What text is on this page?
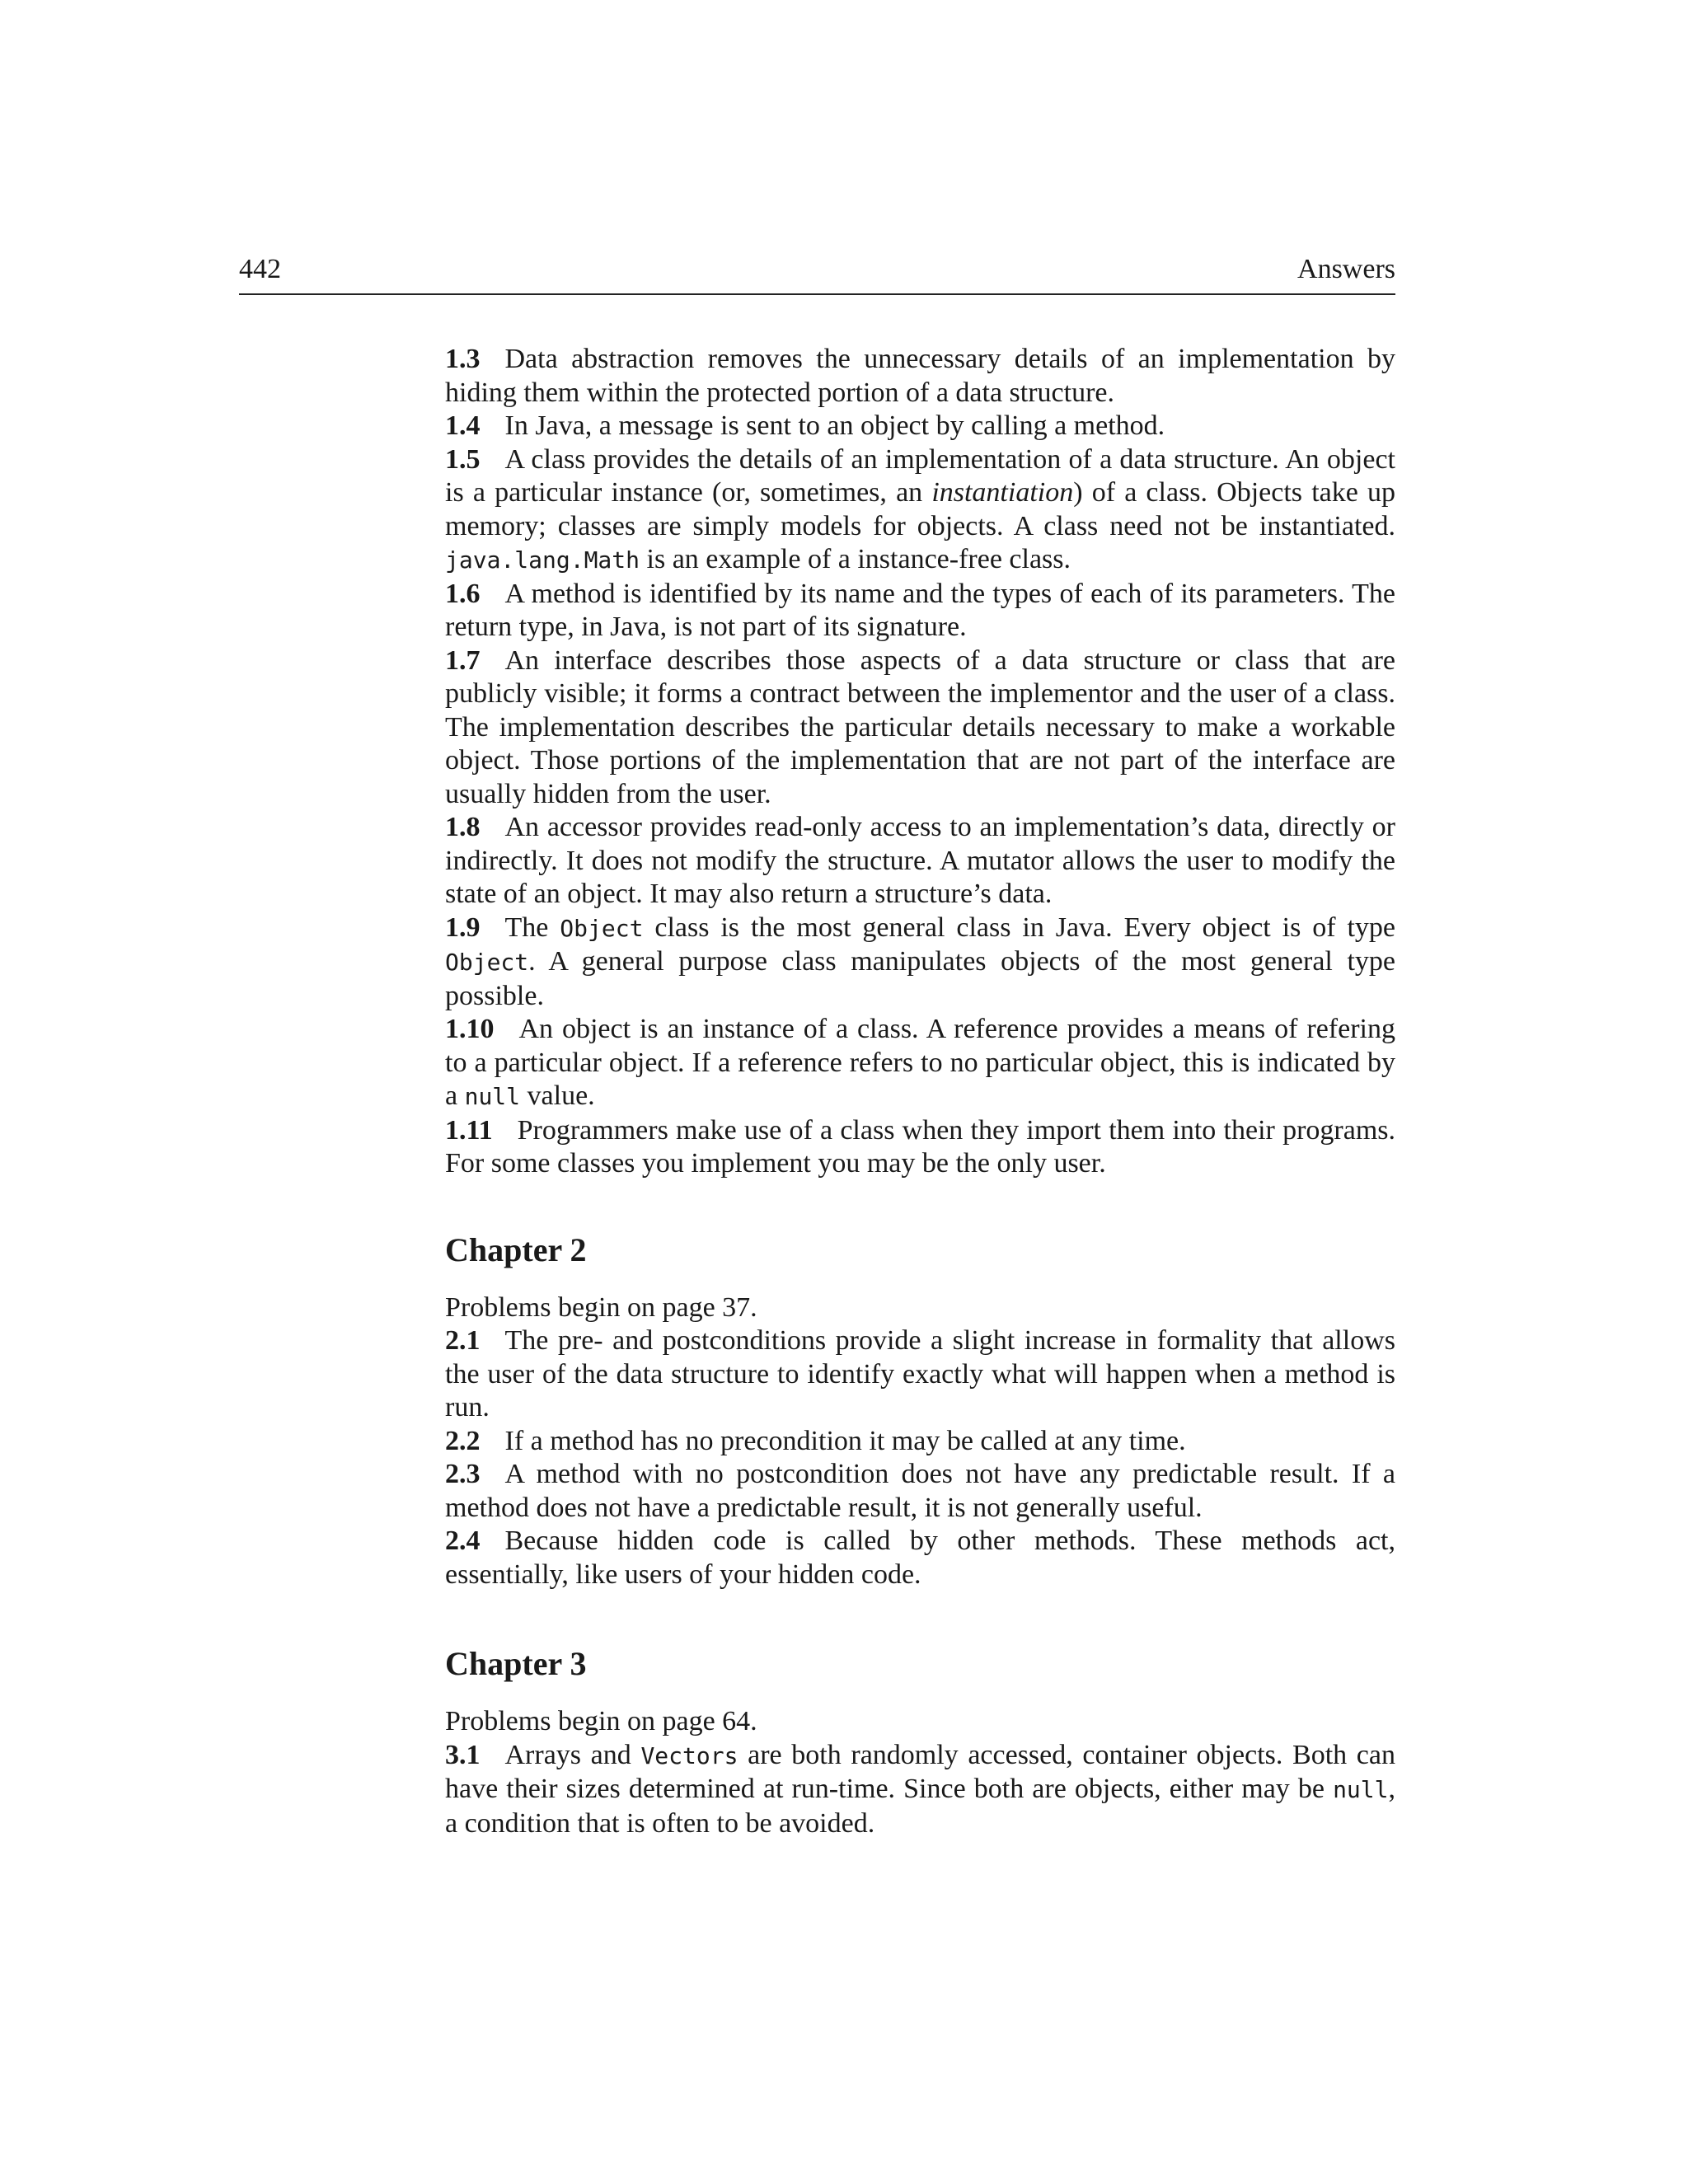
442	Answers

1.3 Data abstraction removes the unnecessary details of an implementation by hiding them within the protected portion of a data structure.

1.4 In Java, a message is sent to an object by calling a method.

1.5 A class provides the details of an implementation of a data structure. An object is a particular instance (or, sometimes, an instantiation) of a class. Objects take up memory; classes are simply models for objects. A class need not be instantiated. java.lang.Math is an example of a instance-free class.

1.6 A method is identified by its name and the types of each of its parameters. The return type, in Java, is not part of its signature.

1.7 An interface describes those aspects of a data structure or class that are publicly visible; it forms a contract between the implementor and the user of a class. The implementation describes the particular details necessary to make a workable object. Those portions of the implementation that are not part of the interface are usually hidden from the user.

1.8 An accessor provides read-only access to an implementation’s data, directly or indirectly. It does not modify the structure. A mutator allows the user to modify the state of an object. It may also return a structure’s data.

1.9 The Object class is the most general class in Java. Every object is of type Object. A general purpose class manipulates objects of the most general type possible.

1.10 An object is an instance of a class. A reference provides a means of refering to a particular object. If a reference refers to no particular object, this is indicated by a null value.

1.11 Programmers make use of a class when they import them into their programs. For some classes you implement you may be the only user.

Chapter 2

Problems begin on page 37.

2.1 The pre- and postconditions provide a slight increase in formality that allows the user of the data structure to identify exactly what will happen when a method is run.

2.2 If a method has no precondition it may be called at any time.

2.3 A method with no postcondition does not have any predictable result. If a method does not have a predictable result, it is not generally useful.

2.4 Because hidden code is called by other methods. These methods act, essentially, like users of your hidden code.

Chapter 3

Problems begin on page 64.

3.1 Arrays and Vectors are both randomly accessed, container objects. Both can have their sizes determined at run-time. Since both are objects, either may be null, a condition that is often to be avoided.
